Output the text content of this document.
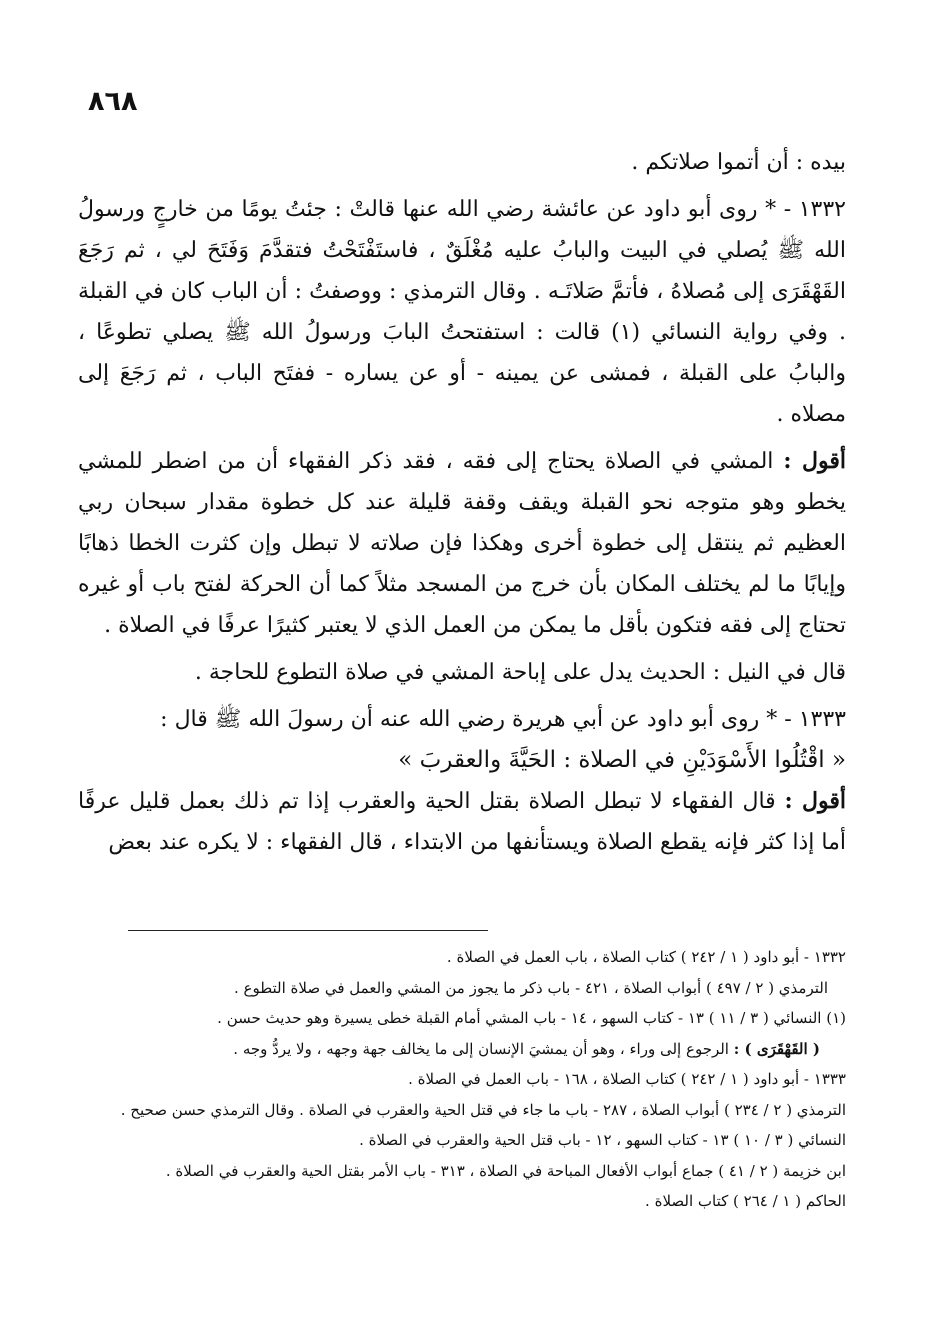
٨٦٨

بيده : أن أتموا صلاتكم .

١٣٣٢ - * روى أبو داود عن عائشة رضي الله عنها قالتْ : جئتُ يومًا من خارجٍ ورسولُ الله ﷺ يُصلي في البيت والبابُ عليه مُغْلَقٌ ، فاستَفْتَحْتُ فتقدَّمَ وَفَتَحَ لي ، ثم رَجَعَ القَهْقَرَى إلى مُصلاهُ ، فأتمَّ صَلاتَـه . وقال الترمذي : ووصفتُ : أن الباب كان في القبلة . وفي رواية النسائي (١) قالت : استفتحتُ البابَ ورسولُ الله ﷺ يصلي تطوعًا ، والبابُ على القبلة ، فمشى عن يمينه - أو عن يساره - ففتَح الباب ، ثم رَجَعَ إلى مصلاه .

أقول : المشي في الصلاة يحتاج إلى فقه ، فقد ذكر الفقهاء أن من اضطر للمشي يخطو وهو متوجه نحو القبلة ويقف وقفة قليلة عند كل خطوة مقدار سبحان ربي العظيم ثم ينتقل إلى خطوة أخرى وهكذا فإن صلاته لا تبطل وإن كثرت الخطا ذهابًا وإيابًا ما لم يختلف المكان بأن خرج من المسجد مثلاً كما أن الحركة لفتح باب أو غيره تحتاج إلى فقه فتكون بأقل ما يمكن من العمل الذي لا يعتبر كثيرًا عرفًا في الصلاة .

قال في النيل : الحديث يدل على إباحة المشي في صلاة التطوع للحاجة .

١٣٣٣ - * روى أبو داود عن أبي هريرة رضي الله عنه أن رسولَ الله ﷺ قال :

« اقْتُلُوا الأَسْوَدَيْنِ في الصلاة : الحَيَّةَ والعقربَ »

أقول : قال الفقهاء لا تبطل الصلاة بقتل الحية والعقرب إذا تم ذلك بعمل قليل عرفًا أما إذا كثر فإنه يقطع الصلاة ويستأنفها من الابتداء ، قال الفقهاء : لا يكره عند بعض

١٣٣٢ - أبو داود ( ١ / ٢٤٢ ) كتاب الصلاة ، باب العمل في الصلاة .
الترمذي ( ٢ / ٤٩٧ ) أبواب الصلاة ، ٤٢١ - باب ذكر ما يجوز من المشي والعمل في صلاة التطوع .
(١) النسائي ( ٣ / ١١ ) ١٣ - كتاب السهو ، ١٤ - باب المشي أمام القبلة خطى يسيرة وهو حديث حسن .
( القَهْقَرَى ) : الرجوع إلى وراء ، وهو أن يمشيَ الإنسان إلى ما يخالف جهة وجهه ، ولا يردُّ وجه .
١٣٣٣ - أبو داود ( ١ / ٢٤٢ ) كتاب الصلاة ، ١٦٨ - باب العمل في الصلاة .
الترمذي ( ٢ / ٢٣٤ ) أبواب الصلاة ، ٢٨٧ - باب ما جاء في قتل الحية والعقرب في الصلاة . وقال الترمذي حسن صحيح .
النسائي ( ٣ / ١٠ ) ١٣ - كتاب السهو ، ١٢ - باب قتل الحية والعقرب في الصلاة .
ابن خزيمة ( ٢ / ٤١ ) جماع أبواب الأفعال المباحة في الصلاة ، ٣١٣ - باب الأمر بقتل الحية والعقرب في الصلاة .
الحاكم ( ١ / ٢٦٤ ) كتاب الصلاة .
